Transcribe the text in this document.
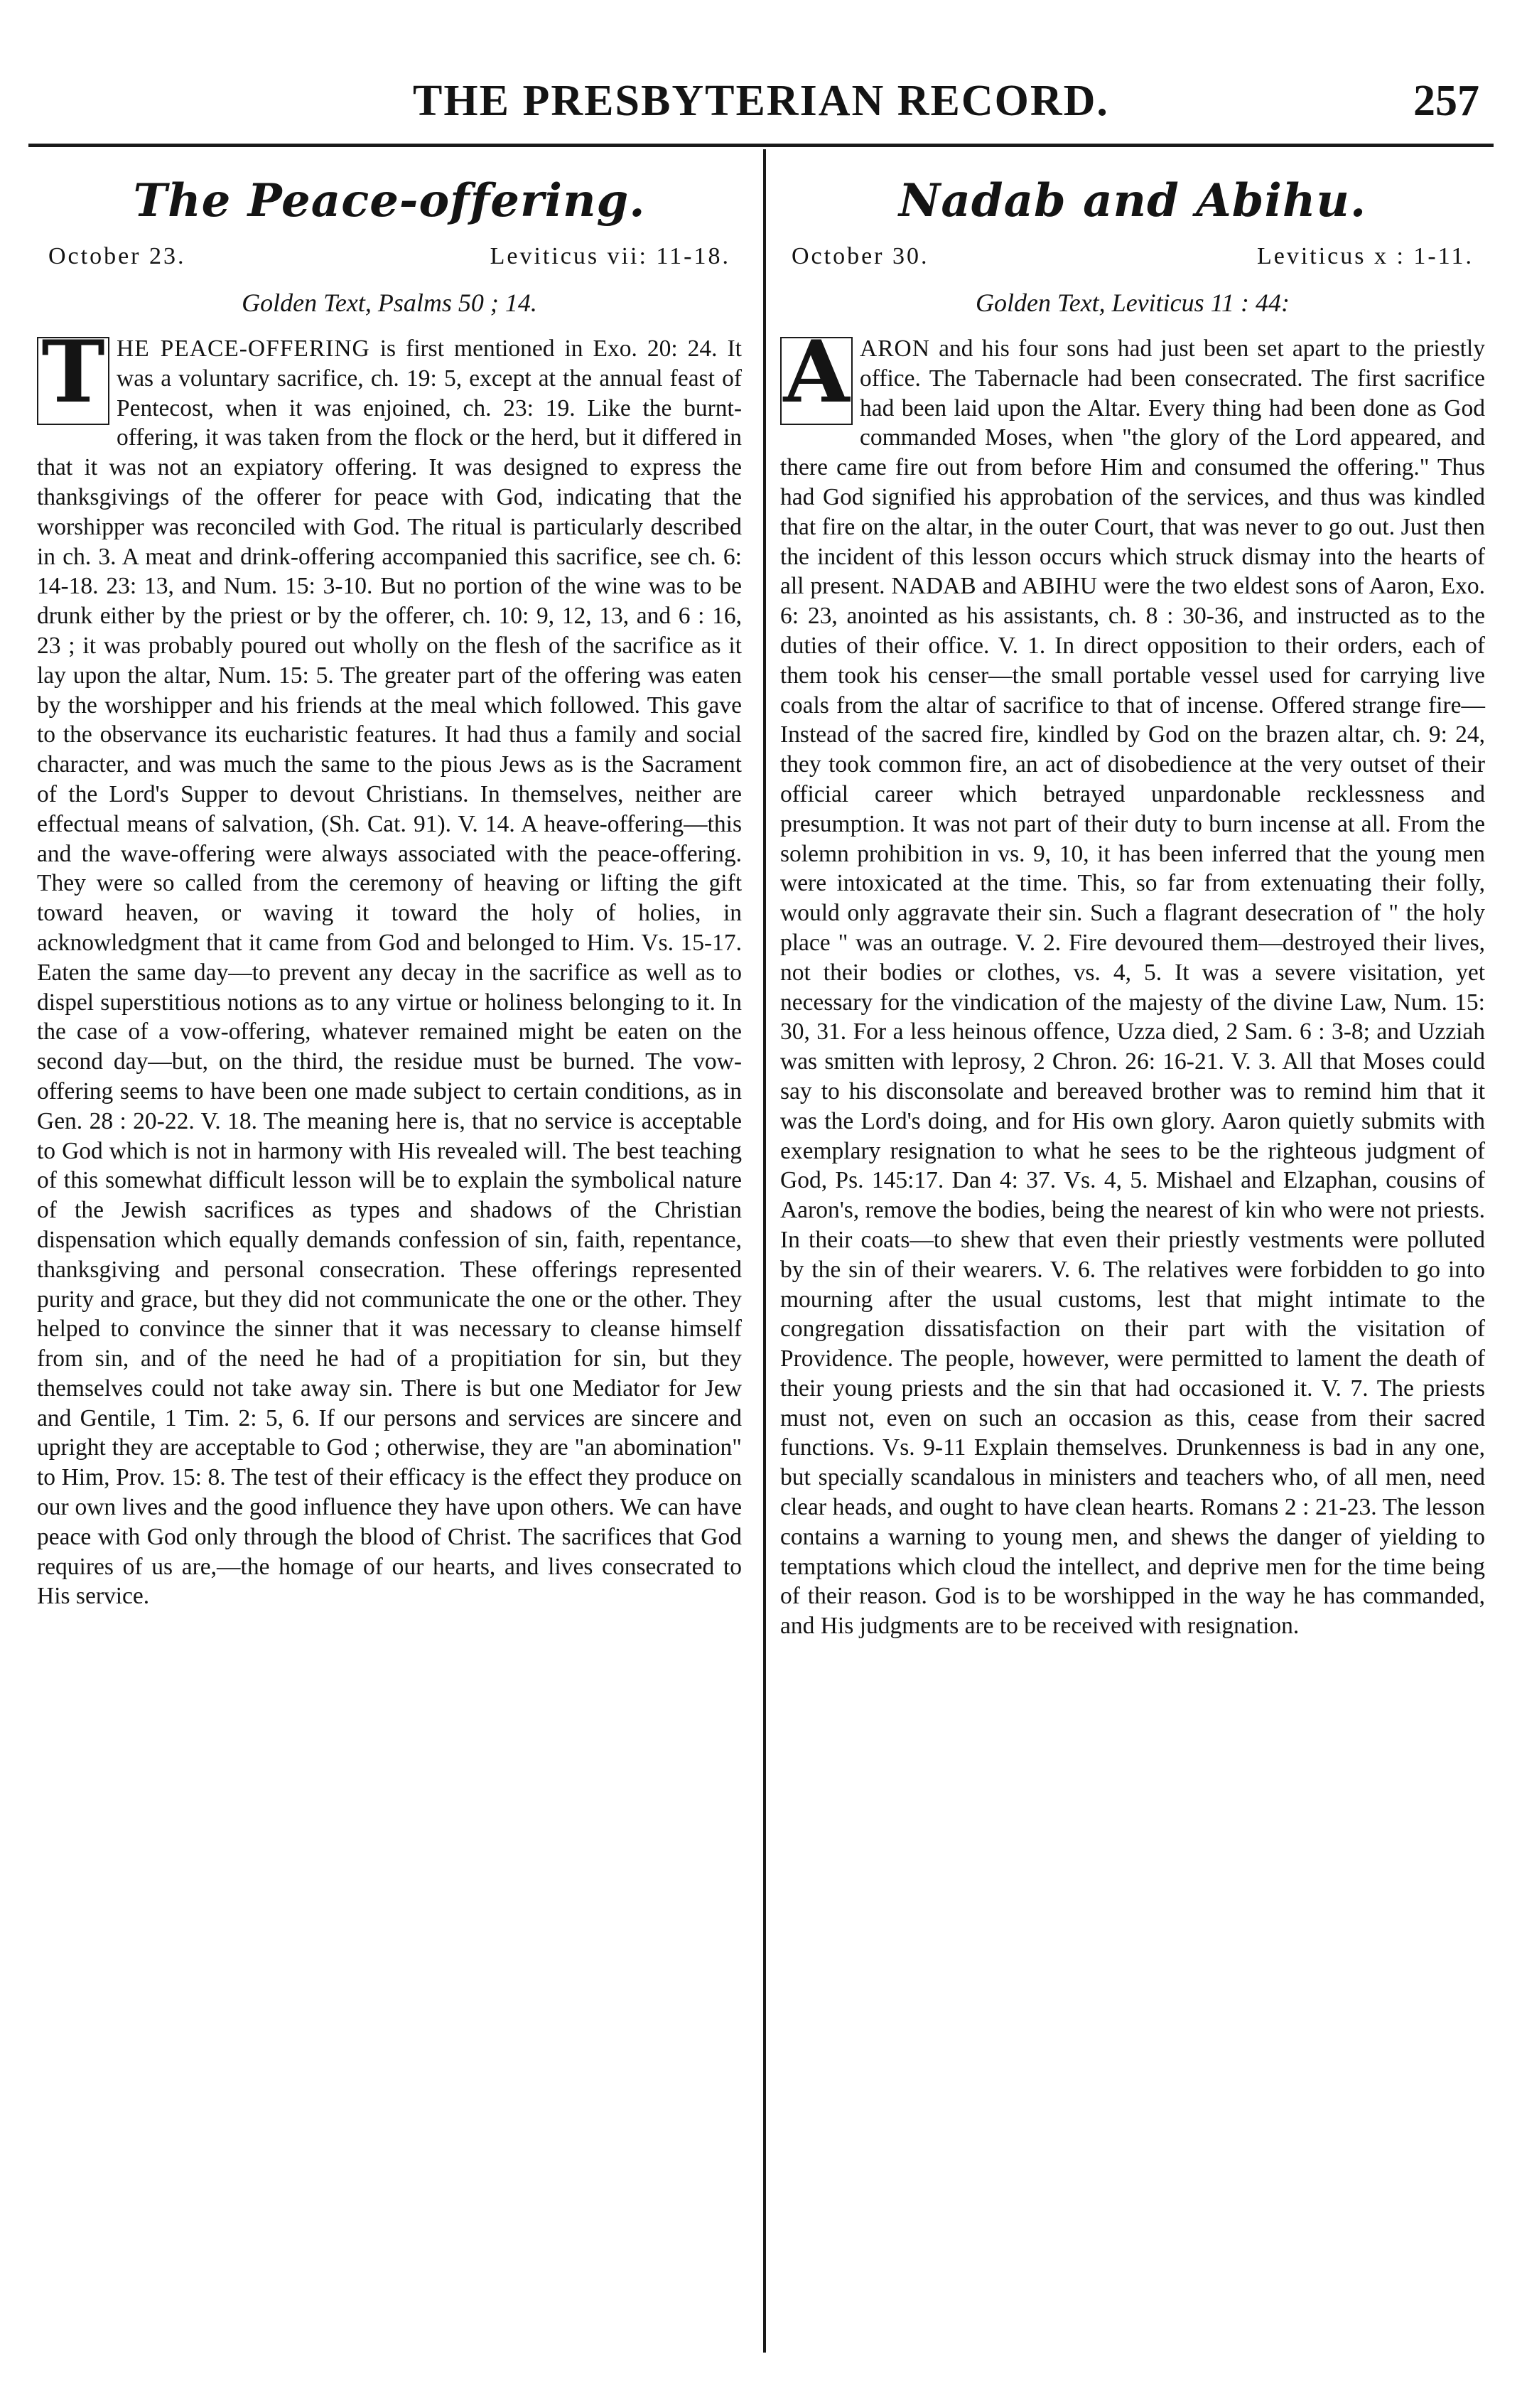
THE PRESBYTERIAN RECORD.	257
The Peace-offering.
October 23.	Leviticus vii: 11-18.
Golden Text, Psalms 50 ; 14.

T HE PEACE-OFFERING is first mentioned in Exo. 20: 24. It was a voluntary sacrifice, ch. 19: 5, except at the annual feast of Pentecost, when it was enjoined, ch. 23: 19. Like the burnt-offering, it was taken from the flock or the herd, but it differed in that it was not an expiatory offering. It was designed to express the thanksgivings of the offerer for peace with God, indicating that the worshipper was reconciled with God. The ritual is particularly described in ch. 3. A meat and drink-offering accompanied this sacrifice, see ch. 6: 14-18. 23: 13, and Num. 15: 3-10. But no portion of the wine was to be drunk either by the priest or by the offerer, ch. 10: 9, 12, 13, and 6 : 16, 23 ; it was probably poured out wholly on the flesh of the sacrifice as it lay upon the altar, Num. 15: 5. The greater part of the offering was eaten by the worshipper and his friends at the meal which followed. This gave to the observance its eucharistic features. It had thus a family and social character, and was much the same to the pious Jews as is the Sacrament of the Lord's Supper to devout Christians. In themselves, neither are effectual means of salvation, (Sh. Cat. 91). V. 14. A heave-offering—this and the wave-offering were always associated with the peace-offering. They were so called from the ceremony of heaving or lifting the gift toward heaven, or waving it toward the holy of holies, in acknowledgment that it came from God and belonged to Him. Vs. 15-17. Eaten the same day—to prevent any decay in the sacrifice as well as to dispel superstitious notions as to any virtue or holiness belonging to it. In the case of a vow-offering, whatever remained might be eaten on the second day—but, on the third, the residue must be burned. The vow-offering seems to have been one made subject to certain conditions, as in Gen. 28 : 20-22. V. 18. The meaning here is, that no service is acceptable to God which is not in harmony with His revealed will. The best teaching of this somewhat difficult lesson will be to explain the symbolical nature of the Jewish sacrifices as types and shadows of the Christian dispensation which equally demands confession of sin, faith, repentance, thanksgiving and personal consecration. These offerings represented purity and grace, but they did not communicate the one or the other. They helped to convince the sinner that it was necessary to cleanse himself from sin, and of the need he had of a propitiation for sin, but they themselves could not take away sin. There is but one Mediator for Jew and Gentile, 1 Tim. 2: 5, 6. If our persons and services are sincere and upright they are acceptable to God ; otherwise, they are "an abomination" to Him, Prov. 15: 8. The test of their efficacy is the effect they produce on our own lives and the good influence they have upon others. We can have peace with God only through the blood of Christ. The sacrifices that God requires of us are,—the homage of our hearts, and lives consecrated to His service.

Nadab and Abihu.
October 30.	Leviticus x : 1-11.
Golden Text, Leviticus 11 : 44:

A ARON and his four sons had just been set apart to the priestly office. The Tabernacle had been consecrated. The first sacrifice had been laid upon the Altar. Every thing had been done as God commanded Moses, when "the glory of the Lord appeared, and there came fire out from before Him and consumed the offering." Thus had God signified his approbation of the services, and thus was kindled that fire on the altar, in the outer Court, that was never to go out. Just then the incident of this lesson occurs which struck dismay into the hearts of all present. NADAB and ABIHU were the two eldest sons of Aaron, Exo. 6: 23, anointed as his assistants, ch. 8 : 30-36, and instructed as to the duties of their office. V. 1. In direct opposition to their orders, each of them took his censer—the small portable vessel used for carrying live coals from the altar of sacrifice to that of incense. Offered strange fire—Instead of the sacred fire, kindled by God on the brazen altar, ch. 9: 24, they took common fire, an act of disobedience at the very outset of their official career which betrayed unpardonable recklessness and presumption. It was not part of their duty to burn incense at all. From the solemn prohibition in vs. 9, 10, it has been inferred that the young men were intoxicated at the time. This, so far from extenuating their folly, would only aggravate their sin. Such a flagrant desecration of " the holy place " was an outrage. V. 2. Fire devoured them—destroyed their lives, not their bodies or clothes, vs. 4, 5. It was a severe visitation, yet necessary for the vindication of the majesty of the divine Law, Num. 15: 30, 31. For a less heinous offence, Uzza died, 2 Sam. 6 : 3-8; and Uzziah was smitten with leprosy, 2 Chron. 26: 16-21. V. 3. All that Moses could say to his disconsolate and bereaved brother was to remind him that it was the Lord's doing, and for His own glory. Aaron quietly submits with exemplary resignation to what he sees to be the righteous judgment of God, Ps. 145:17. Dan 4: 37. Vs. 4, 5. Mishael and Elzaphan, cousins of Aaron's, remove the bodies, being the nearest of kin who were not priests. In their coats—to shew that even their priestly vestments were polluted by the sin of their wearers. V. 6. The relatives were forbidden to go into mourning after the usual customs, lest that might intimate to the congregation dissatisfaction on their part with the visitation of Providence. The people, however, were permitted to lament the death of their young priests and the sin that had occasioned it. V. 7. The priests must not, even on such an occasion as this, cease from their sacred functions. Vs. 9-11 Explain themselves. Drunkenness is bad in any one, but specially scandalous in ministers and teachers who, of all men, need clear heads, and ought to have clean hearts. Romans 2 : 21-23. The lesson contains a warning to young men, and shews the danger of yielding to temptations which cloud the intellect, and deprive men for the time being of their reason. God is to be worshipped in the way he has commanded, and His judgments are to be received with resignation.
